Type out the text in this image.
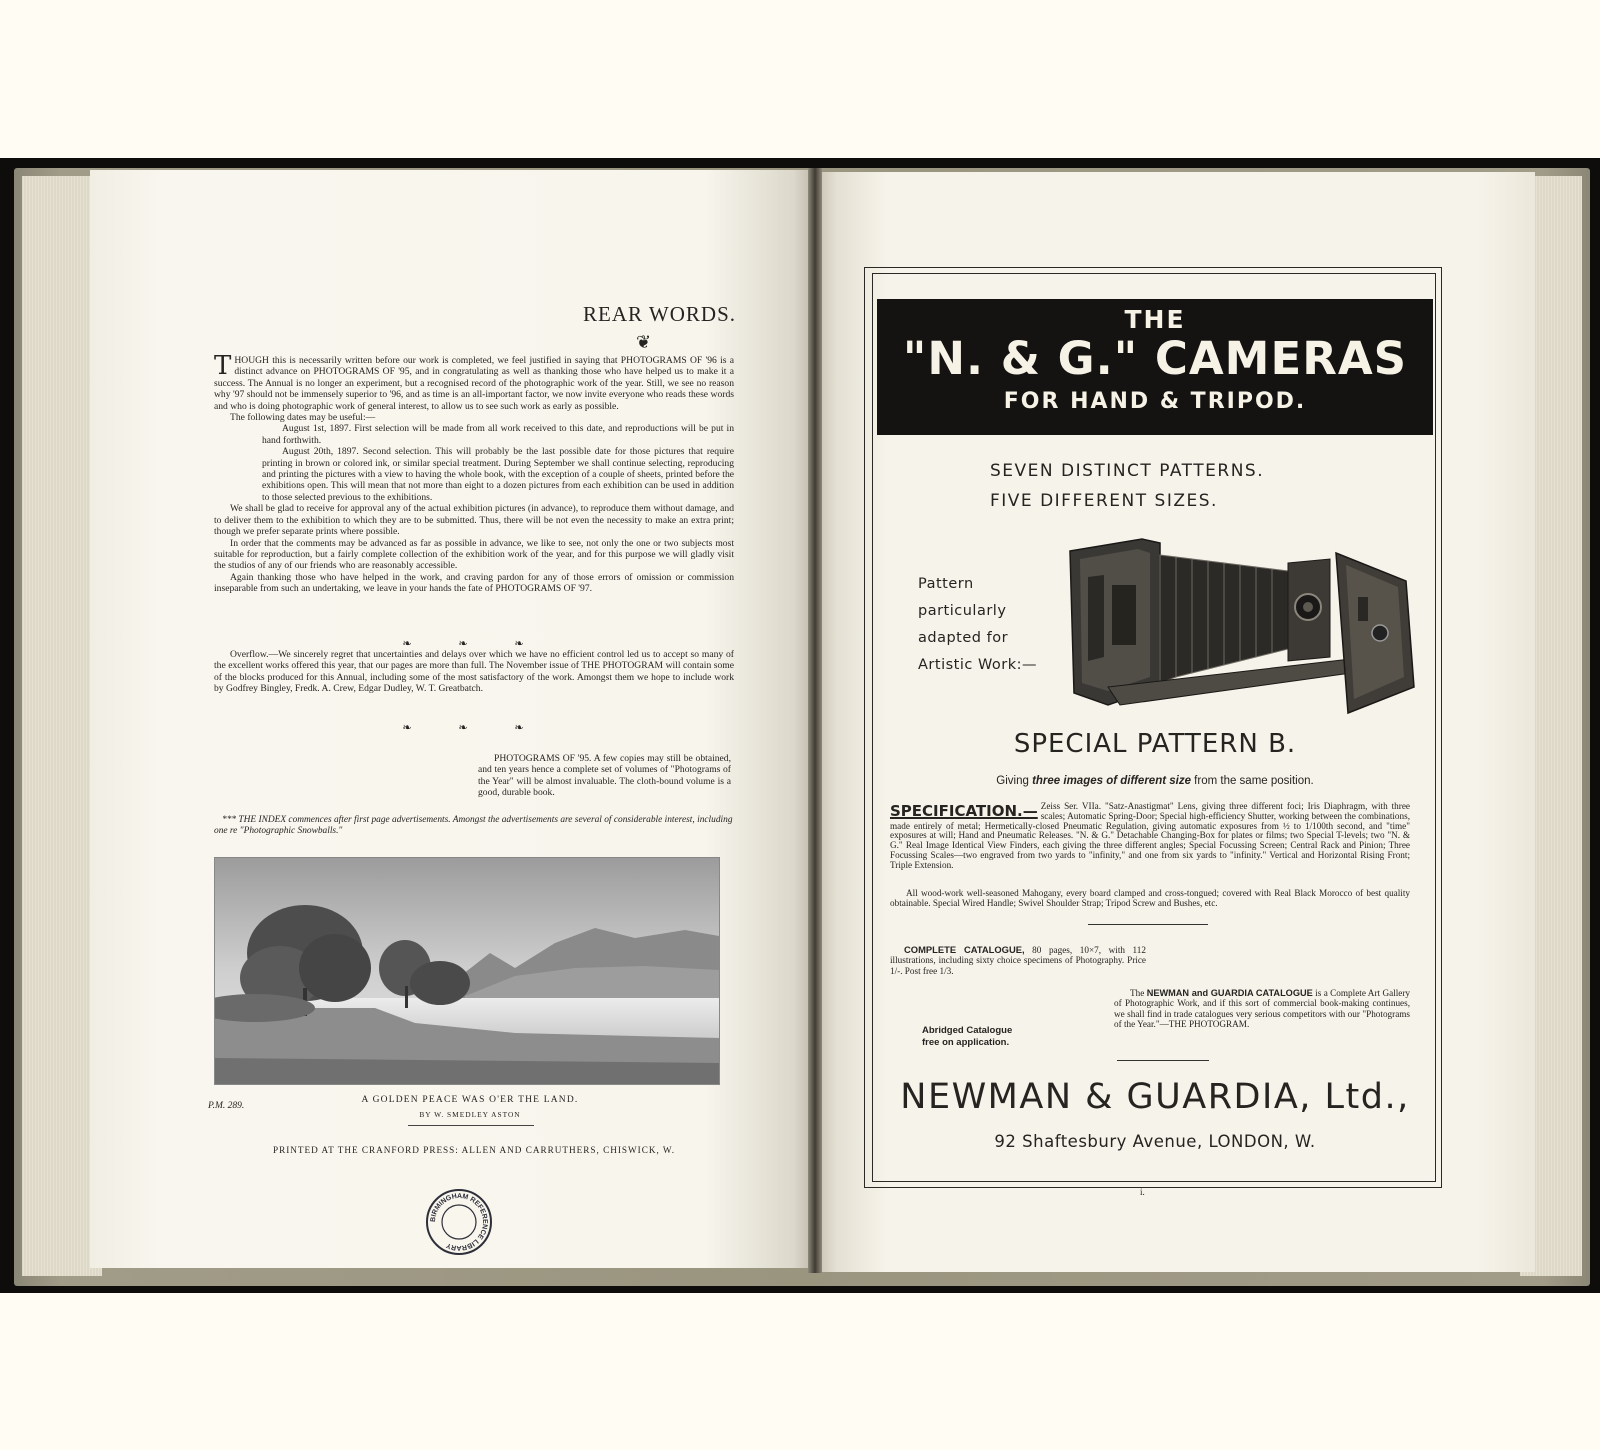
REAR WORDS.
❦

THOUGH this is necessarily written before our work is completed, we feel justified in saying that PHOTOGRAMS OF '96 is a distinct advance on PHOTOGRAMS OF '95, and in congratulating as well as thanking those who have helped us to make it a success. The Annual is no longer an experiment, but a recognised record of the photographic work of the year. Still, we see no reason why '97 should not be immensely superior to '96, and as time is an all-important factor, we now invite everyone who reads these words and who is doing photographic work of general interest, to allow us to see such work as early as possible.

The following dates may be useful:—

August 1st, 1897. First selection will be made from all work received to this date, and reproductions will be put in hand forthwith.

August 20th, 1897. Second selection. This will probably be the last possible date for those pictures that require printing in brown or colored ink, or similar special treatment. During September we shall continue selecting, reproducing and printing the pictures with a view to having the whole book, with the exception of a couple of sheets, printed before the exhibitions open. This will mean that not more than eight to a dozen pictures from each exhibition can be used in addition to those selected previous to the exhibitions.

We shall be glad to receive for approval any of the actual exhibition pictures (in advance), to reproduce them without damage, and to deliver them to the exhibition to which they are to be submitted. Thus, there will be not even the necessity to make an extra print; though we prefer separate prints where possible.

In order that the comments may be advanced as far as possible in advance, we like to see, not only the one or two subjects most suitable for reproduction, but a fairly complete collection of the exhibition work of the year, and for this purpose we will gladly visit the studios of any of our friends who are reasonably accessible.

Again thanking those who have helped in the work, and craving pardon for any of those errors of omission or commission inseparable from such an undertaking, we leave in your hands the fate of PHOTOGRAMS OF '97.

❧ ❧ ❧

Overflow.—We sincerely regret that uncertainties and delays over which we have no efficient control led us to accept so many of the excellent works offered this year, that our pages are more than full. The November issue of THE PHOTOGRAM will contain some of the blocks produced for this Annual, including some of the most satisfactory of the work. Amongst them we hope to include work by Godfrey Bingley, Fredk. A. Crew, Edgar Dudley, W. T. Greatbatch.

❧ ❧ ❧
PHOTOGRAMS OF '95. A few copies may still be obtained, and ten years hence a complete set of volumes of "Photograms of the Year" will be almost invaluable. The cloth-bound volume is a good, durable book.
*** THE INDEX commences after first page advertisements. Amongst the advertisements are several of considerable interest, including one re "Photographic Snowballs."
P.M. 289.
A GOLDEN PEACE WAS O'ER THE LAND.
BY W. SMEDLEY ASTON
PRINTED AT THE CRANFORD PRESS: ALLEN AND CARRUTHERS, CHISWICK, W.
BIRMINGHAM REFERENCE LIBRARY
THE
"N. & G." CAMERAS
FOR HAND & TRIPOD.
SEVEN DISTINCT PATTERNS.
FIVE DIFFERENT SIZES.
Pattern
particularly
adapted for
Artistic Work:—
SPECIAL PATTERN B.
Giving three images of different size from the same position.
SPECIFICATION.— Zeiss Ser. VIIa. "Satz-Anastigmat" Lens, giving three different foci; Iris Diaphragm, with three scales; Automatic Spring-Door; Special high-efficiency Shutter, working between the combinations, made entirely of metal; Hermetically-closed Pneumatic Regulation, giving automatic exposures from ½ to 1/100th second, and "time" exposures at will; Hand and Pneumatic Releases. "N. & G." Detachable Changing-Box for plates or films; two Special T-levels; two "N. & G." Real Image Identical View Finders, each giving the three different angles; Special Focussing Screen; Central Rack and Pinion; Three Focussing Scales—two engraved from two yards to "infinity," and one from six yards to "infinity." Vertical and Horizontal Rising Front; Triple Extension.
All wood-work well-seasoned Mahogany, every board clamped and cross-tongued; covered with Real Black Morocco of best quality obtainable. Special Wired Handle; Swivel Shoulder Strap; Tripod Screw and Bushes, etc.
COMPLETE CATALOGUE, 80 pages, 10×7, with 112 illustrations, including sixty choice specimens of Photography. Price 1/-. Post free 1/3.
The NEWMAN and GUARDIA CATALOGUE is a Complete Art Gallery of Photographic Work, and if this sort of commercial book-making continues, we shall find in trade catalogues very serious competitors with our "Photograms of the Year."—THE PHOTOGRAM.
Abridged Catalogue
free on application.
NEWMAN & GUARDIA, Ltd.,
92 Shaftesbury Avenue, LONDON, W.
i.
